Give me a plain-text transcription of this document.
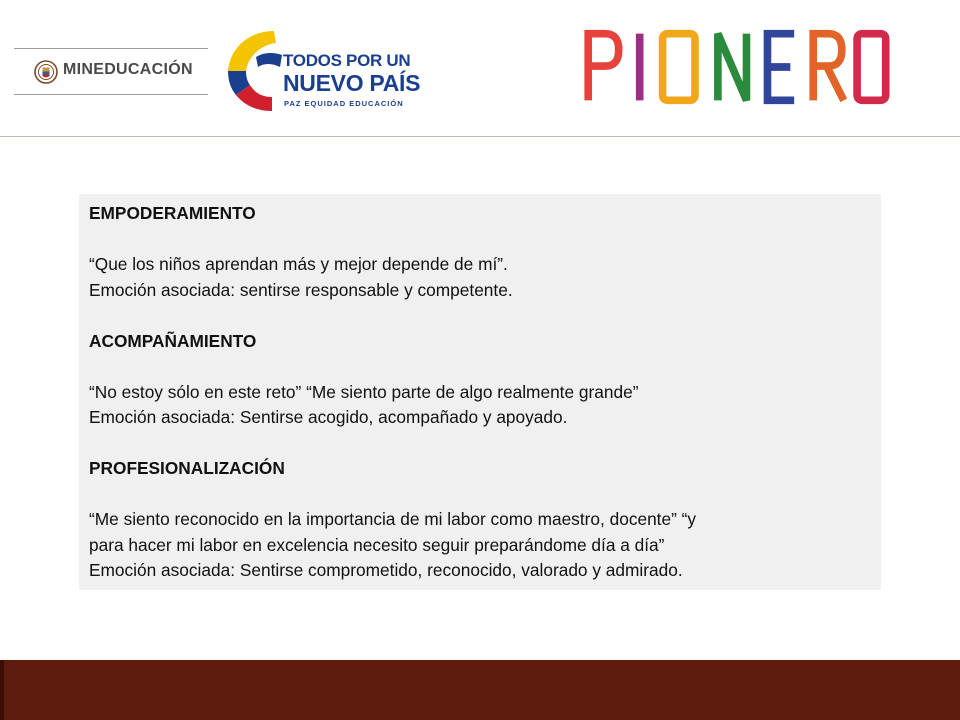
MINEDUCACIÓN	TODOS POR UN
NUEVO PAÍS
PAZ EQUIDAD EDUCACIÓN

EMPODERAMIENTO

“Que los niños aprendan más y mejor depende de mí”.

Emoción asociada: sentirse responsable y competente.

ACOMPAÑAMIENTO

“No estoy sólo en este reto” “Me siento parte de algo realmente grande”

Emoción asociada: Sentirse acogido, acompañado y apoyado.

PROFESIONALIZACIÓN

“Me siento reconocido en la importancia de mi labor como maestro, docente” “y

para hacer mi labor en excelencia necesito seguir preparándome día a día”

Emoción asociada: Sentirse comprometido, reconocido, valorado y admirado.
